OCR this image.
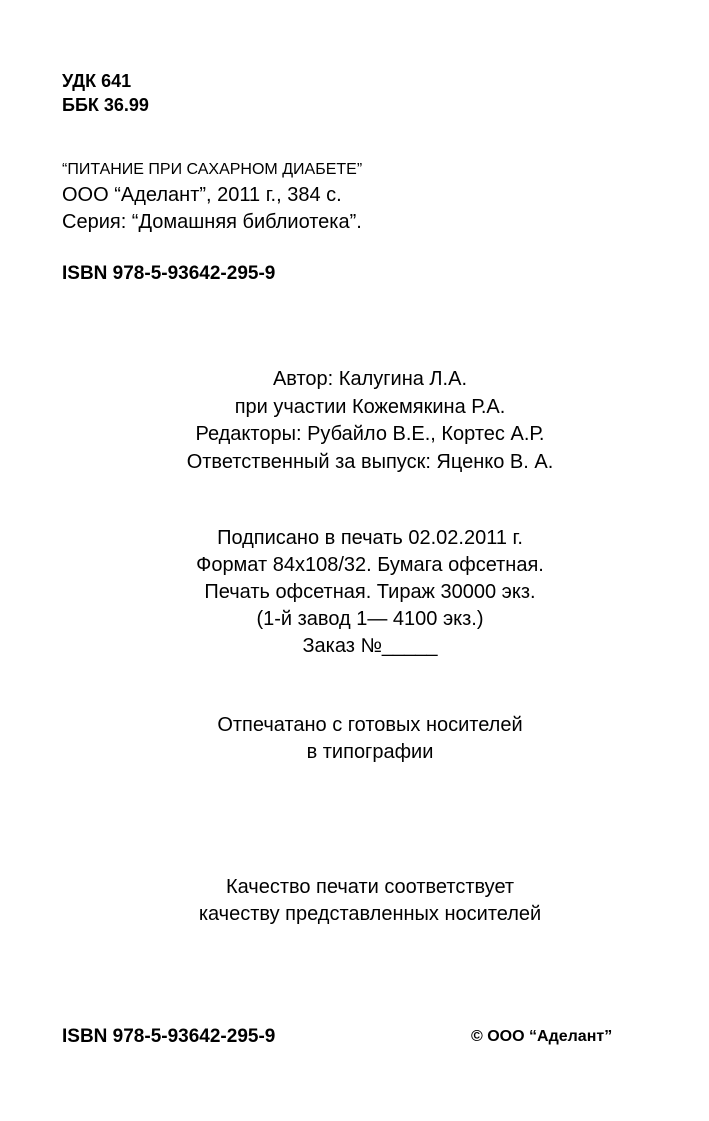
УДК 641
ББК 36.99
“ПИТАНИЕ ПРИ САХАРНОМ ДИАБЕТЕ”
ООО “Аделант”, 2011 г., 384 с.
Серия: “Домашняя библиотека”.
ISBN 978-5-93642-295-9
Автор: Калугина Л.А.
при участии Кожемякина Р.А.
Редакторы: Рубайло В.Е., Кортес А.Р.
Ответственный за выпуск: Яценко В. А.
Подписано в печать 02.02.2011 г.
Формат 84x108/32. Бумага офсетная.
Печать офсетная. Тираж 30000 экз.
(1-й завод 1— 4100 экз.)
Заказ №_____
Отпечатано с готовых носителей
в типографии
Качество печати соответствует
качеству представленных носителей
ISBN 978-5-93642-295-9	© ООО “Аделант”
